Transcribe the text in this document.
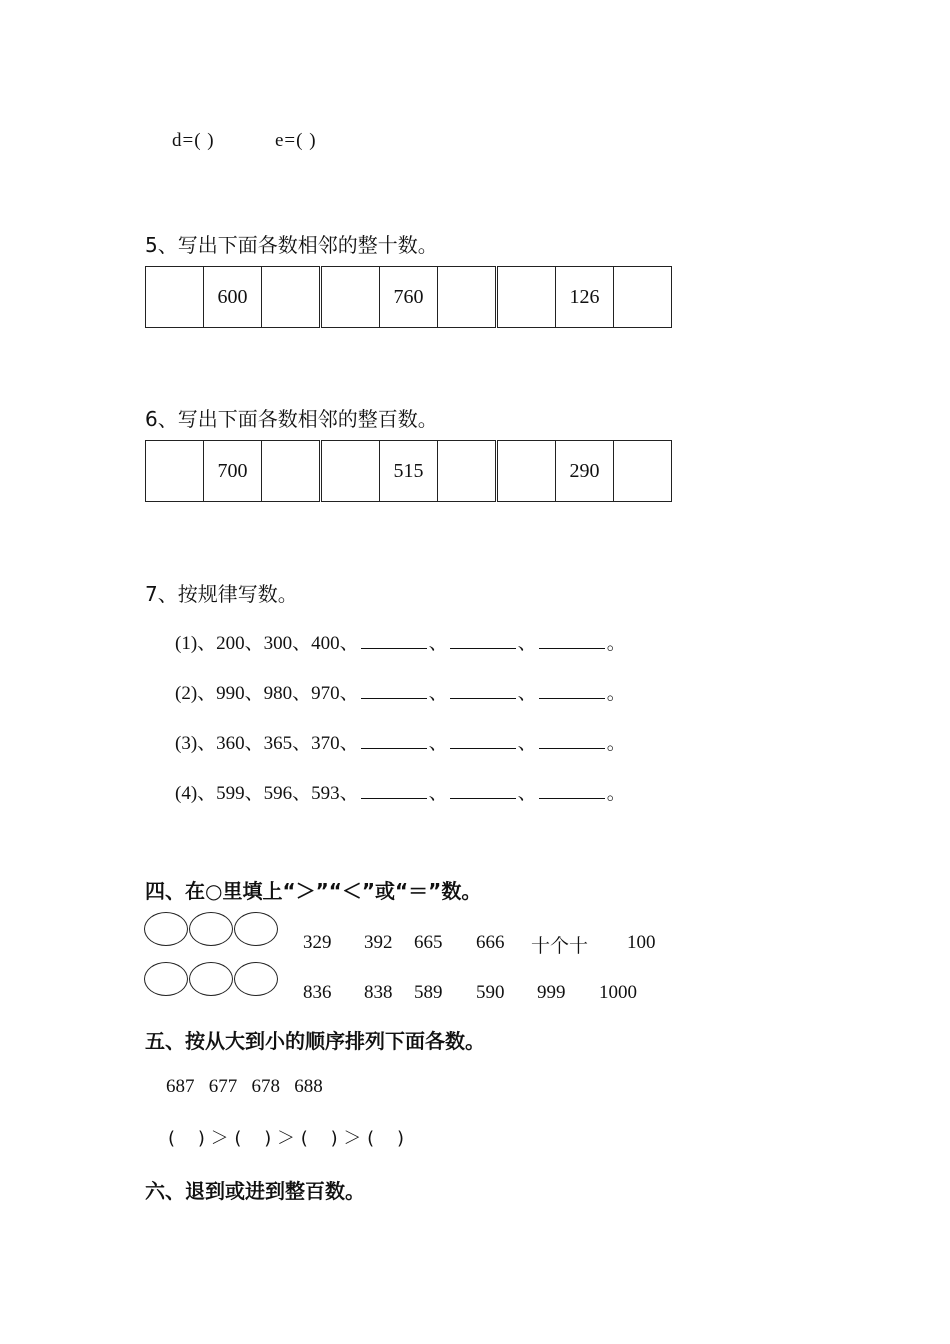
d=( )	e=( )
5、写出下面各数相邻的整十数。
	600			760			126	
6、写出下面各数相邻的整百数。
	700			515			290	
7、按规律写数。
(1)、200、300、400、	、	、	。
(2)、990、980、970、	、	、	。
(3)、360、365、370、	、	、	。
(4)、599、596、593、	、	、	。
四、在○里填上“＞”“＜”或“＝”数。
329 392 665 666 十个十 100
836 838 589 590 999 1000
五、按从大到小的顺序排列下面各数。
687   677   678   688
(    ) ＞ (    ) ＞ (    ) ＞ (    )
六、退到或进到整百数。
